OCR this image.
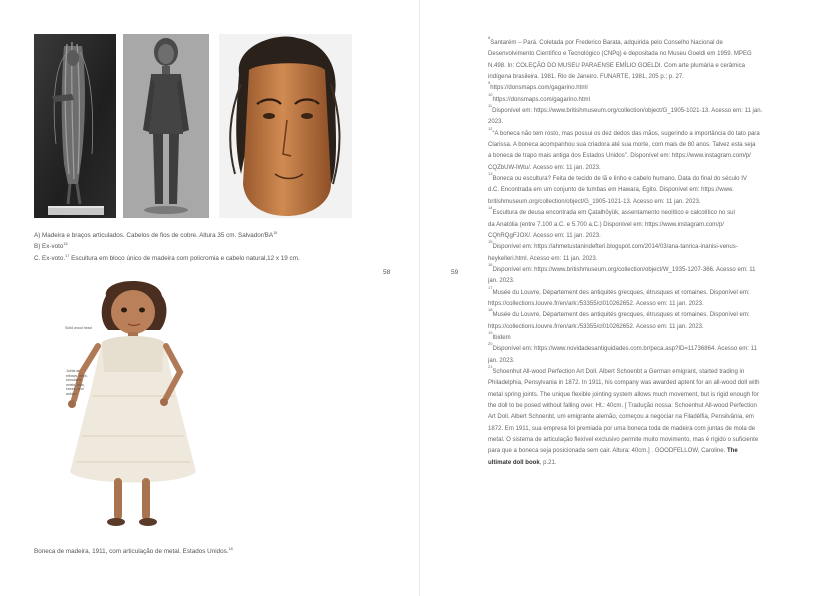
A) Madeira e braços articulados. Cabelos de fios de cobre. Altura 35 cm. Salvador/BA$^{15}$
B) Ex-voto$^{16}$
C. Ex-voto.$^{17}$ Escultura em bloco único de madeira com policromia e cabelo natural,12 x 19 cm.
Solid wood head
Joints at elbows, neck, shoulders, wrists, hips, knees, and ankles
Boneca de madeira, 1911, com articulação de metal. Estados Unidos.$^{18}$
58	59
$^8$Santarém – Pará. Coletada por Frederico Barata, adquirida pelo Conselho Nacional de
Desenvolvimento Científico e Tecnológico (CNPq) e depositada no Museu Goeldi em 1959. MPEG
N.498. In: COLEÇÃO DO MUSEU PARAENSE EMÍLIO GOELDI. Com arte plumária e cerâmica
indígena brasileira. 1981. Rio de Janeiro. FUNARTE, 1981, 205 p.; p. 27.
$^9$https://donsmaps.com/gagarino.html
$^{10}$https://donsmaps.com/gagarino.html
$^{11}$Disponível em: https://www.britishmuseum.org/collection/object/G_1905-1021-13. Acesso em: 11 jan.
2023.
$^{12}$“A boneca não tem rosto, mas possui os dez dedos das mãos, sugerindo a importância do tato para
Clarissa. A boneca acompanhou sua criadora até sua morte, com mais de 80 anos. Talvez esta seja
a boneca de trapo mais antiga dos Estados Unidos”. Disponível em: https://www.instagram.com/p/
CQZbUW-lWtu/. Acesso em: 11 jan. 2023.
$^{13}$Boneca ou escultura? Feita de tecido de lã e linho e cabelo humano. Data do final do século IV
d.C. Encontrada em um conjunto de tumbas em Hawara, Egito. Disponível em: https://www.
britishmuseum.org/collection/object/G_1905-1021-13. Acesso em: 11 jan. 2023.
$^{14}$Escultura de deusa encontrada em Çatalhöyük, assentamento neolítico e calcolítico no sul
da Anatólia (entre 7.100 a.C. e 5.700 a.C.) Disponível em: https://www.instagram.com/p/
CQhRQgFJOX/. Acesso em: 11 jan. 2023.
$^{15}$Disponível em: https://ahmetustanindefteri.blogspot.com/2014/03/ana-tanrica-inanisi-venus-
heykelleri.html. Acesso em: 11 jan. 2023.
$^{16}$Disponível em: https://www.britishmuseum.org/collection/object/W_1935-1207-366. Acesso em: 11
jan. 2023.
$^{17}$Musée du Louvre, Département des antiquités grecques, étrusques et romaines. Disponível em:
https://collections.louvre.fr/en/ark:/53355/cl010262652. Acesso em: 11 jan. 2023.
$^{18}$Musée du Louvre, Département des antiquités grecques, étrusques et romaines. Disponível em:
https://collections.louvre.fr/en/ark:/53355/cl010262652. Acesso em: 11 jan. 2023.
$^{19}$Ibidem
$^{20}$Disponível em: https://www.novidadesantiguidades.com.br/peca.asp?ID=11736864. Acesso em: 11
jan. 2023.
$^{21}$Schoenhut All-wood Perfection Art Doll. Albert Schoenbt a German emigrant, started trading in
Philadelphia, Pensylvania in 1872. In 1911, his company was awarded aptent for an all-wood doll with
metal spring joints. The unique flexible jointing system allows much movement, but is rigid enough for
the doll to be posed without falling over. Ht.: 40cm. [ Tradução nossa: Schoenhut All-wood Perfection
Art Doll. Albert Schoenbt, um emigrante alemão, começou a negociar na Filadélfia, Pensilvânia, em
1872. Em 1911, sua empresa foi premiada por uma boneca toda de madeira com juntas de mola de
metal. O sistema de articulação flexível exclusivo permite muito movimento, mas é rígido o suficiente
para que a boneca seja posicionada sem cair. Altura: 40cm.] . GOODFELLOW, Caroline. The
ultimate doll book, p.21.
